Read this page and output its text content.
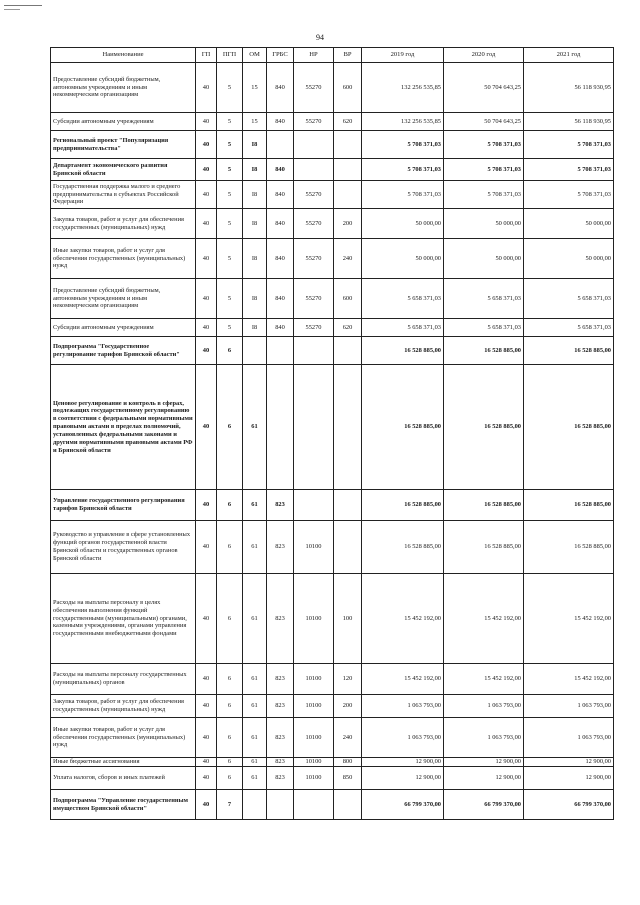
94
Наименование	ГП	ПГП	ОМ	ГРБС	НР	ВР	2019 год	2020 год	2021 год
Предоставление субсидий бюджетным, автономным учреждениям и иным некоммерческим организациям	40	5	15	840	55270	600	132 256 535,85	50 704 643,25	56 118 930,95
Субсидии автономным учреждениям	40	5	15	840	55270	620	132 256 535,85	50 704 643,25	56 118 930,95
Региональный проект "Популяризация предпринимательства"	40	5	I8				5 708 371,03	5 708 371,03	5 708 371,03
Департамент экономического развития Брянской области	40	5	I8	840			5 708 371,03	5 708 371,03	5 708 371,03
Государственная поддержка малого и среднего предпринимательства в субъектах Российской Федерации	40	5	I8	840	55270		5 708 371,03	5 708 371,03	5 708 371,03
Закупка товаров, работ и услуг для обеспечения государственных (муниципальных) нужд	40	5	I8	840	55270	200	50 000,00	50 000,00	50 000,00
Иные закупки товаров, работ и услуг для обеспечения государственных (муниципальных) нужд	40	5	I8	840	55270	240	50 000,00	50 000,00	50 000,00
Предоставление субсидий бюджетным, автономным учреждениям и иным некоммерческим организациям	40	5	I8	840	55270	600	5 658 371,03	5 658 371,03	5 658 371,03
Субсидии автономным учреждениям	40	5	I8	840	55270	620	5 658 371,03	5 658 371,03	5 658 371,03
Подпрограмма "Государственное регулирование тарифов Брянской области"	40	6					16 528 885,00	16 528 885,00	16 528 885,00
Ценовое регулирование и контроль в сферах, подлежащих государственному регулированию в соответствии с федеральными нормативными правовыми актами в пределах полномочий, установленных федеральными законами и другими нормативными правовыми актами РФ и Брянской области	40	6	61				16 528 885,00	16 528 885,00	16 528 885,00
Управление государственного регулирования тарифов Брянской области	40	6	61	823			16 528 885,00	16 528 885,00	16 528 885,00
Руководство и управление в сфере установленных функций органов государственной власти Брянской области и государственных органов Брянской области	40	6	61	823	10100		16 528 885,00	16 528 885,00	16 528 885,00
Расходы на выплаты персоналу в целях обеспечения выполнения функций государственными (муниципальными) органами, казенными учреждениями, органами управления государственными внебюджетными фондами	40	6	61	823	10100	100	15 452 192,00	15 452 192,00	15 452 192,00
Расходы на выплаты персоналу государственных (муниципальных) органов	40	6	61	823	10100	120	15 452 192,00	15 452 192,00	15 452 192,00
Закупка товаров, работ и услуг для обеспечения государственных (муниципальных) нужд	40	6	61	823	10100	200	1 063 793,00	1 063 793,00	1 063 793,00
Иные закупки товаров, работ и услуг для обеспечения государственных (муниципальных) нужд	40	6	61	823	10100	240	1 063 793,00	1 063 793,00	1 063 793,00
Иные бюджетные ассигнования	40	6	61	823	10100	800	12 900,00	12 900,00	12 900,00
Уплата налогов, сборов и иных платежей	40	6	61	823	10100	850	12 900,00	12 900,00	12 900,00
Подпрограмма "Управление государственным имуществом Брянской области"	40	7					66 799 370,00	66 799 370,00	66 799 370,00
